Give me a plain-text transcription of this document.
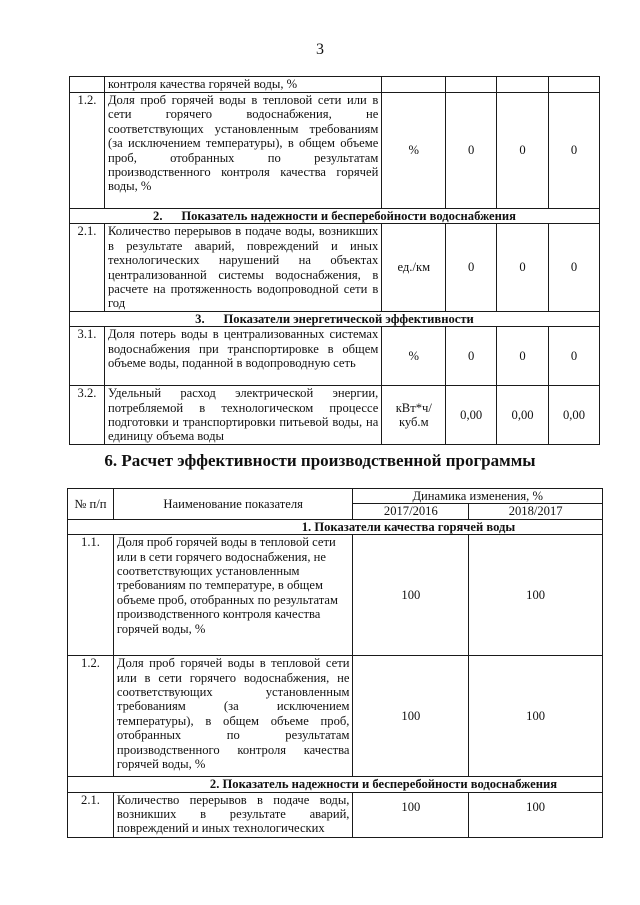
3
	контроля качества горячей воды, %				
1.2.	Доля проб горячей воды в тепловой сети или в сети горячего водоснабжения, не соответствующих установленным требованиям (за исключением температуры), в общем объеме проб, отобранных по результатам производственного контроля качества горячей воды, %	%	0	0	0
2.      Показатель надежности и бесперебойности водоснабжения					
2.1.	Количество перерывов в подаче воды, возникших в результате аварий, повреждений и иных технологических нарушений на объектах централизованной системы водоснабжения, в расчете на протяженность водопроводной сети в год	ед./км	0	0	0
3.      Показатели энергетической эффективности					
3.1.	Доля потерь воды в централизованных системах водоснабжения при транспортировке в общем объеме воды, поданной в водопроводную сеть	%	0	0	0
3.2.	Удельный расход электрической энергии, потребляемой в технологическом процессе подготовки и транспортировки питьевой воды, на единицу объема воды	кВт*ч/ куб.м	0,00	0,00	0,00
6. Расчет эффективности производственной программы
№ п/п	Наименование показателя	Динамика изменения, %	
		2017/2016	2018/2017
1. Показатели качества горячей воды			
1.1.	Доля проб горячей воды в тепловой сети или в сети горячего водоснабжения, не соответствующих установленным требованиям по температуре, в общем объеме проб, отобранных по результатам производственного контроля качества горячей воды, %	100	100
1.2.	Доля проб горячей воды в тепловой сети или в сети горячего водоснабжения, не соответствующих установленным требованиям (за исключением температуры), в общем объеме проб, отобранных по результатам производственного контроля качества горячей воды, %	100	100
2. Показатель надежности и бесперебойности водоснабжения			
2.1.	Количество перерывов в подаче воды, возникших в результате аварий, повреждений и иных технологических	100	100
